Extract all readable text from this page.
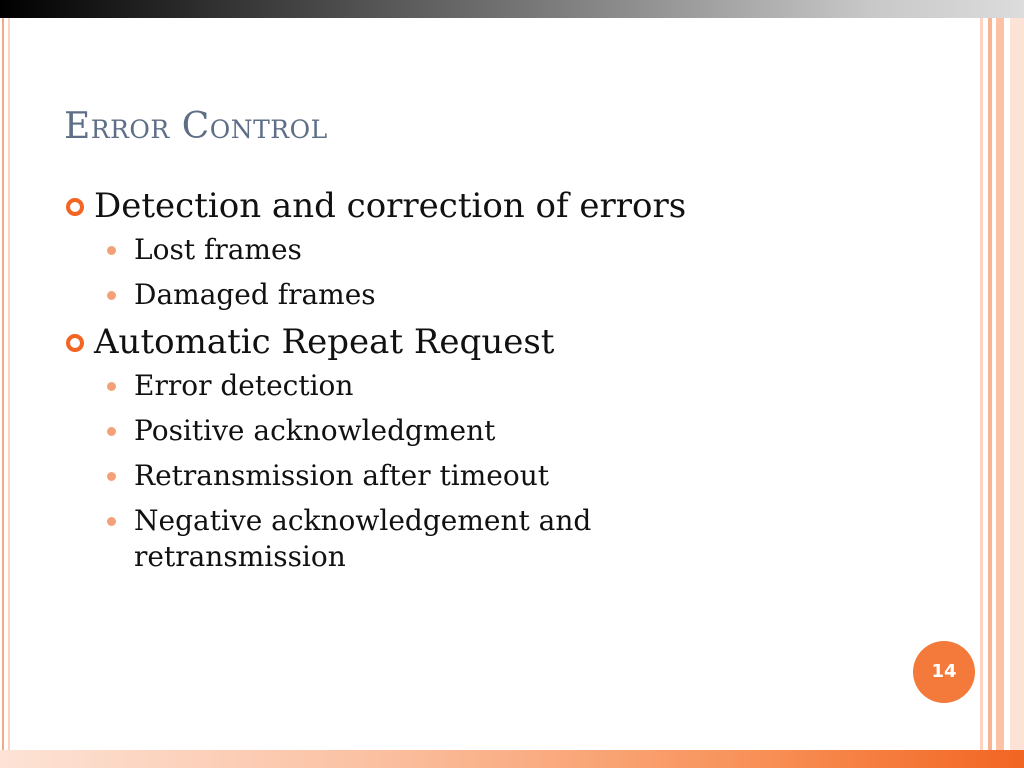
Error Control
Detection and correction of errors
Lost frames
Damaged frames
Automatic Repeat Request
Error detection
Positive acknowledgment
Retransmission after timeout
Negative acknowledgement and retransmission
14
